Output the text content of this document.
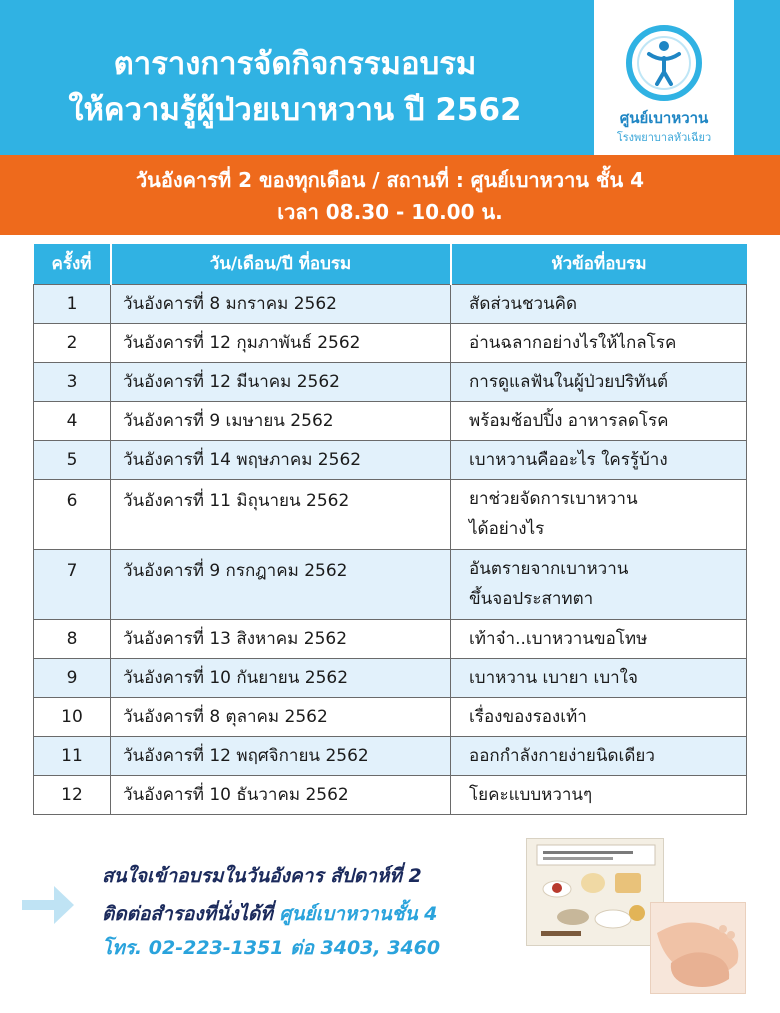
ตารางการจัดกิจกรรมอบรม
ให้ความรู้ผู้ป่วยเบาหวาน ปี 2562	ศูนย์เบาหวาน
โรงพยาบาลหัวเฉียว
วันอังคารที่ 2 ของทุกเดือน / สถานที่ : ศูนย์เบาหวาน ชั้น 4
เวลา 08.30 - 10.00 น.
ครั้งที่	วัน/เดือน/ปี ที่อบรม	หัวข้อที่อบรม
1	วันอังคารที่ 8 มกราคม 2562	สัดส่วนชวนคิด
2	วันอังคารที่ 12 กุมภาพันธ์ 2562	อ่านฉลากอย่างไรให้ไกลโรค
3	วันอังคารที่ 12 มีนาคม 2562	การดูแลฟันในผู้ป่วยปริทันต์
4	วันอังคารที่ 9 เมษายน 2562	พร้อมช้อปปิ้ง อาหารลดโรค
5	วันอังคารที่ 14 พฤษภาคม 2562	เบาหวานคืออะไร ใครรู้บ้าง
6	วันอังคารที่ 11 มิถุนายน 2562	ยาช่วยจัดการเบาหวาน
ได้อย่างไร

7	วันอังคารที่ 9 กรกฎาคม 2562	อันตรายจากเบาหวาน
ขึ้นจอประสาทตา

8	วันอังคารที่ 13 สิงหาคม 2562	เท้าจ๋า..เบาหวานขอโทษ
9	วันอังคารที่ 10 กันยายน 2562	เบาหวาน เบายา เบาใจ
10	วันอังคารที่ 8 ตุลาคม 2562	เรื่องของรองเท้า
11	วันอังคารที่ 12 พฤศจิกายน 2562	ออกกำลังกายง่ายนิดเดียว
12	วันอังคารที่ 10 ธันวาคม 2562	โยคะแบบหวานๆ
สนใจเข้าอบรมในวันอังคาร สัปดาห์ที่ 2
ติดต่อสำรองที่นั่งได้ที่ ศูนย์เบาหวานชั้น 4
โทร. 02-223-1351 ต่อ 3403, 3460
